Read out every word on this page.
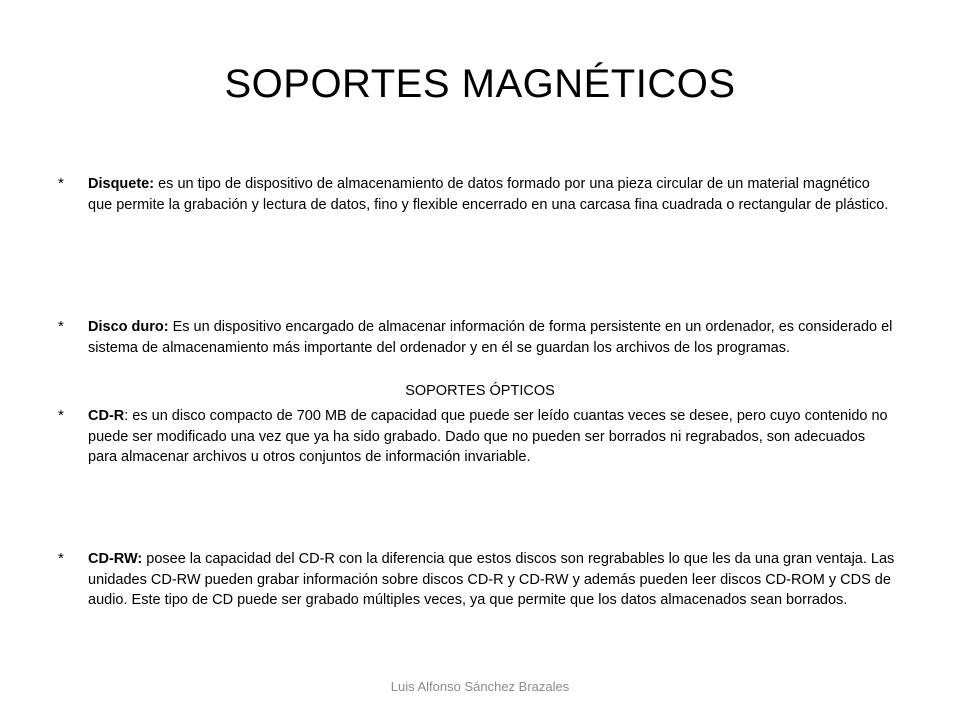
SOPORTES MAGNÉTICOS
*	Disquete: es un tipo de dispositivo de almacenamiento de datos formado por una pieza circular de un material magnético que permite la grabación y lectura de datos, fino y flexible encerrado en una carcasa fina cuadrada o rectangular de plástico.
*	Disco duro: Es un dispositivo encargado de almacenar información de forma persistente en un ordenador, es considerado el sistema de almacenamiento más importante del ordenador y en él se guardan los archivos de los programas.
SOPORTES ÓPTICOS
*	CD-R: es un disco compacto de 700 MB de capacidad que puede ser leído cuantas veces se desee, pero cuyo contenido no puede ser modificado una vez que ya ha sido grabado. Dado que no pueden ser borrados ni regrabados, son adecuados para almacenar archivos u otros conjuntos de información invariable.
*	CD-RW: posee la capacidad del CD-R con la diferencia que estos discos son regrabables lo que les da una gran ventaja. Las unidades CD-RW pueden grabar información sobre discos CD-R y CD-RW y además pueden leer discos CD-ROM y CDS de audio. Este tipo de CD puede ser grabado múltiples veces, ya que permite que los datos almacenados sean borrados.
Luis Alfonso Sánchez Brazales
